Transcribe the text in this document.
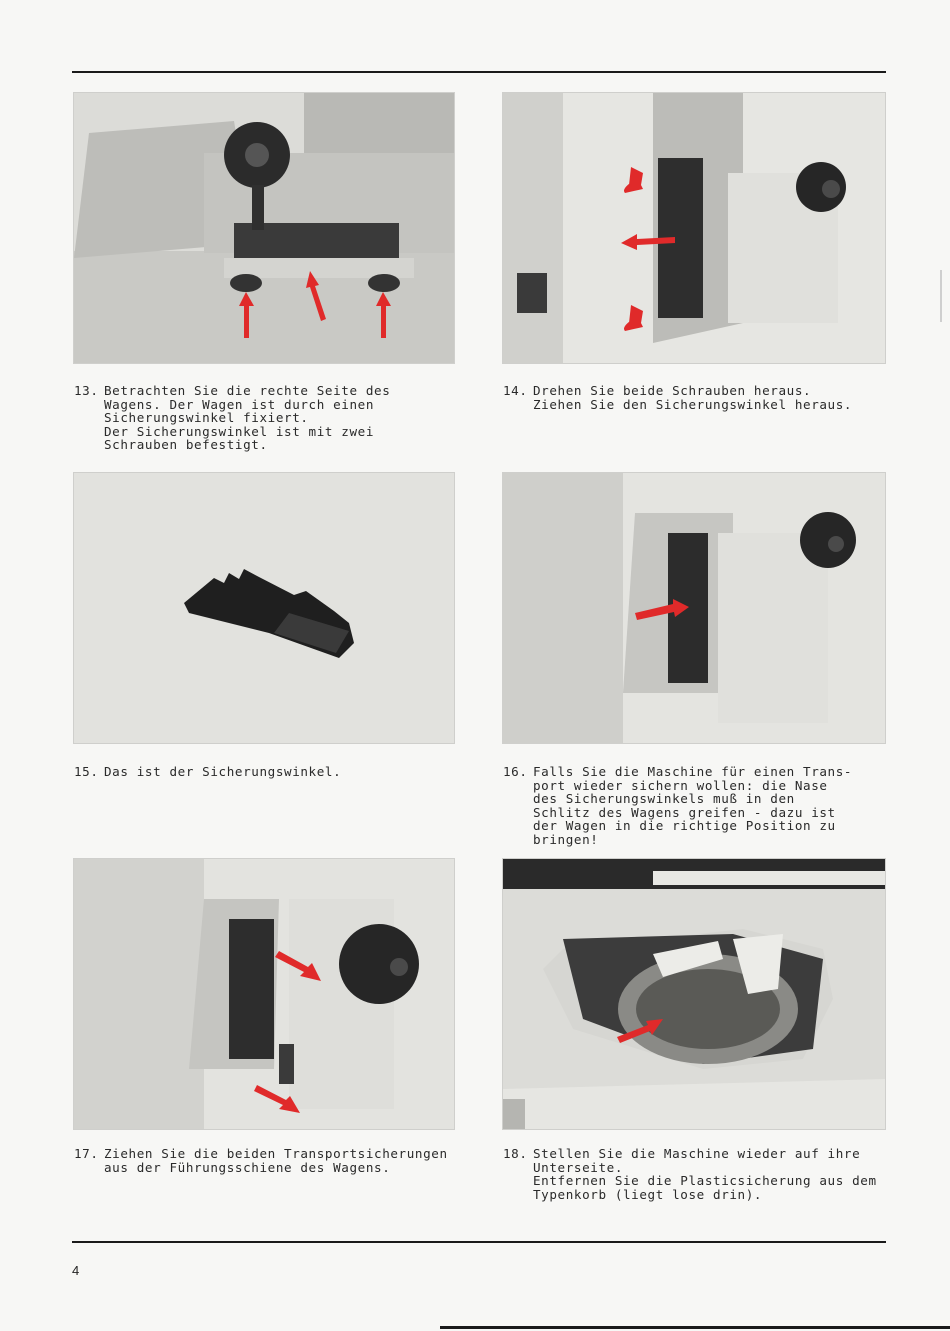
13. Betrachten Sie die rechte Seite des
Wagens. Der Wagen ist durch einen
Sicherungswinkel fixiert.
Der Sicherungswinkel ist mit zwei
Schrauben befestigt.
14. Drehen Sie beide Schrauben heraus.
Ziehen Sie den Sicherungswinkel heraus.
15. Das ist der Sicherungswinkel.	16. Falls Sie die Maschine für einen Trans-
port wieder sichern wollen: die Nase
des Sicherungswinkels muß in den
Schlitz des Wagens greifen - dazu ist
der Wagen in die richtige Position zu
bringen!
17. Ziehen Sie die beiden Transportsicherungen
aus der Führungsschiene des Wagens.
18. Stellen Sie die Maschine wieder auf ihre
Unterseite.
Entfernen Sie die Plasticsicherung aus dem
Typenkorb (liegt lose drin).
4
